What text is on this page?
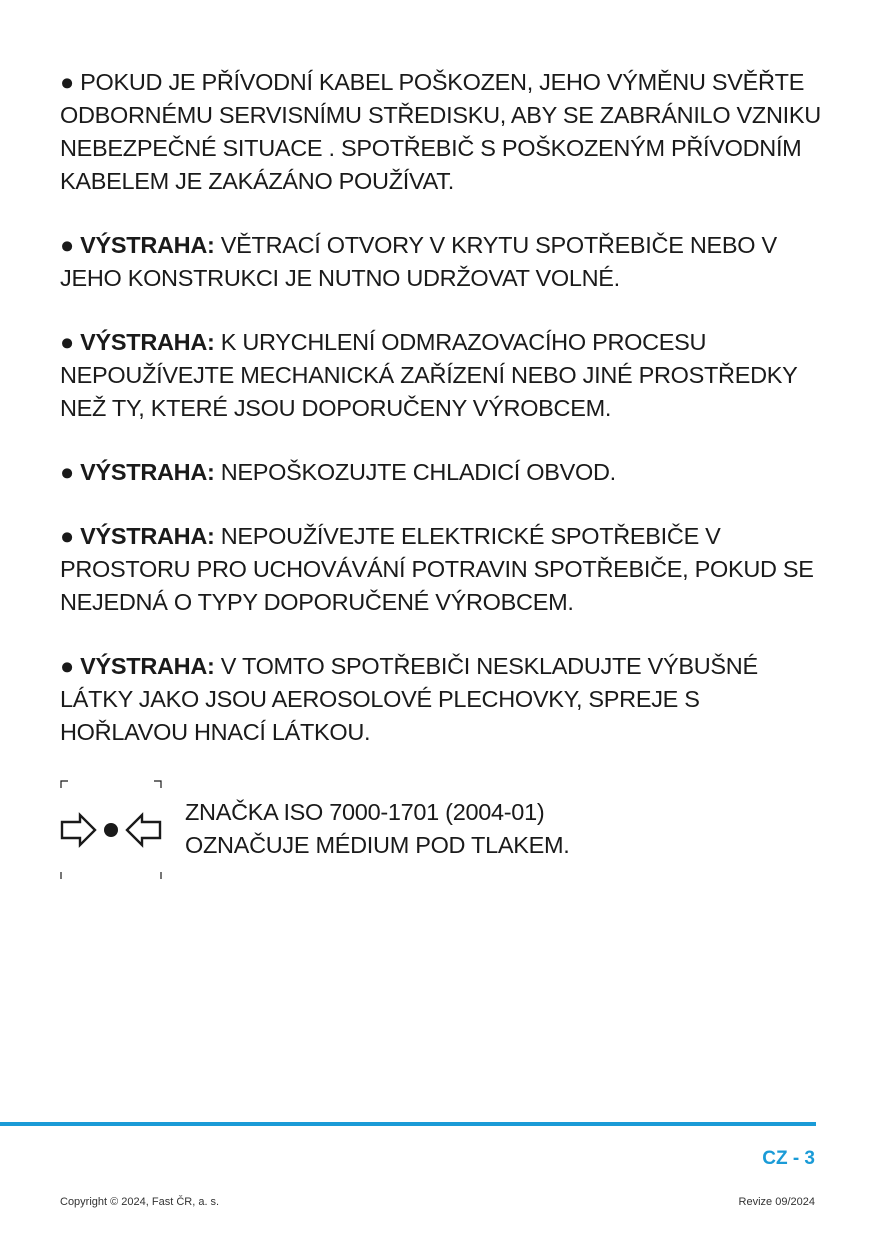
● POKUD JE PŘÍVODNÍ KABEL POŠKOZEN, JEHO VÝMĚNU SVĚŘTE ODBORNÉMU SERVISNÍMU STŘEDISKU, ABY SE ZABRÁNILO VZNIKU NEBEZPEČNÉ SITUACE . SPOTŘEBIČ S POŠKOZENÝM PŘÍVODNÍM KABELEM JE ZAKÁZÁNO POUŽÍVAT.

● VÝSTRAHA: VĚTRACÍ OTVORY V KRYTU SPOTŘEBIČE NEBO V JEHO KONSTRUKCI JE NUTNO UDRŽOVAT VOLNÉ.

● VÝSTRAHA: K URYCHLENÍ ODMRAZOVACÍHO PROCESU NEPOUŽÍVEJTE MECHANICKÁ ZAŘÍZENÍ NEBO JINÉ PROSTŘEDKY NEŽ TY, KTERÉ JSOU DOPORUČENY VÝROBCEM.

● VÝSTRAHA: NEPOŠKOZUJTE CHLADICÍ OBVOD.

● VÝSTRAHA: NEPOUŽÍVEJTE ELEKTRICKÉ SPOTŘEBIČE V PROSTORU PRO UCHOVÁVÁNÍ POTRAVIN SPOTŘEBIČE, POKUD SE NEJEDNÁ O TYPY DOPORUČENÉ VÝROBCEM.

● VÝSTRAHA: V TOMTO SPOTŘEBIČI NESKLADUJTE VÝBUŠNÉ LÁTKY JAKO JSOU AEROSOLOVÉ PLECHOVKY, SPREJE S HOŘLAVOU HNACÍ LÁTKOU.

ZNAČKA ISO 7000-1701 (2004-01)
OZNAČUJE MÉDIUM POD TLAKEM.
CZ - 3
Copyright © 2024, Fast ČR, a. s.	Revize 09/2024
